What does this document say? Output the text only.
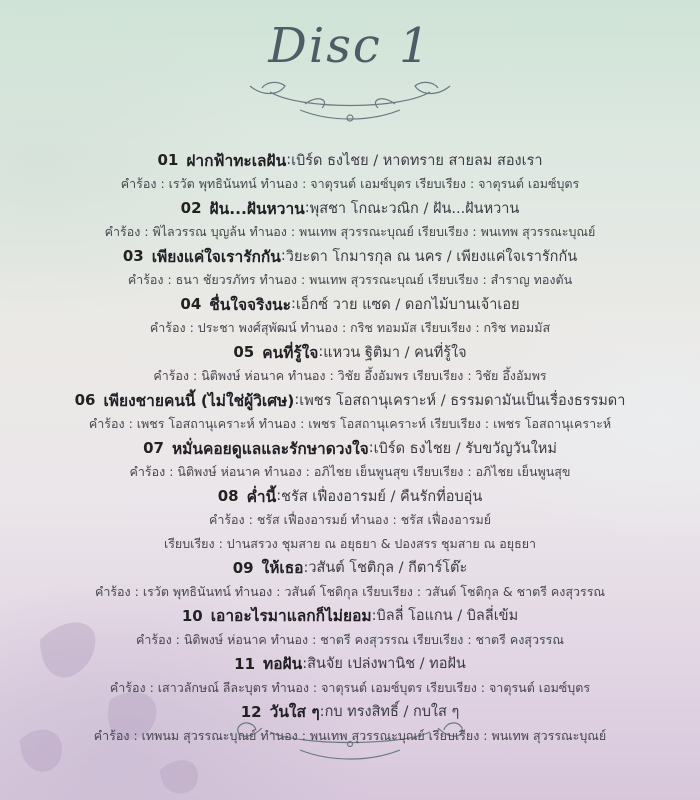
Disc 1
01 ฝากฟ้าทะเลฝัน : เบิร์ด ธงไชย / หาดทราย สายลม สองเรา
คำร้อง : เรวัต พุทธินันทน์ ทำนอง : จาตุรนต์ เอมซ์บุตร เรียบเรียง : จาตุรนต์ เอมซ์บุตร
02 ฝัน...ฝันหวาน : พุสชา โกณะวณิก / ฝัน...ฝันหวาน
คำร้อง : พิไลวรรณ บุญล้น ทำนอง : พนเทพ สุวรรณะบุณย์ เรียบเรียง : พนเทพ สุวรรณะบุณย์
03 เพียงแค่ใจเรารักกัน : วิยะดา โกมารกุล ณ นคร / เพียงแค่ใจเรารักกัน
คำร้อง : ธนา ชัยวรภัทร ทำนอง : พนเทพ สุวรรณะบุณย์ เรียบเรียง : สำราญ ทองตัน
04 ชื่นใจจริงนะ : เอ็กซ์ วาย แซด / ดอกไม้บานเจ้าเอย
คำร้อง : ประชา พงศ์สุพัฒน์ ทำนอง : กริช ทอมมัส เรียบเรียง : กริช ทอมมัส
05 คนที่รู้ใจ : แหวน ฐิติมา / คนที่รู้ใจ
คำร้อง : นิติพงษ์ ห่อนาค ทำนอง : วิชัย อึ้งอัมพร เรียบเรียง : วิชัย อึ้งอัมพร
06 เพียงชายคนนี้ (ไม่ใช่ผู้วิเศษ) : เพชร โอสถานุเคราะห์ / ธรรมดามันเป็นเรื่องธรรมดา
คำร้อง : เพชร โอสถานุเคราะห์ ทำนอง : เพชร โอสถานุเคราะห์ เรียบเรียง : เพชร โอสถานุเคราะห์
07 หมั่นคอยดูแลและรักษาดวงใจ : เบิร์ด ธงไชย / รับขวัญวันใหม่
คำร้อง : นิติพงษ์ ห่อนาค ทำนอง : อภิไชย เย็นพูนสุข เรียบเรียง : อภิไชย เย็นพูนสุข
08 ค่ำนี้ : ชรัส เฟื่องอารมย์ / คืนรักที่อบอุ่น
คำร้อง : ชรัส เฟื่องอารมย์ ทำนอง : ชรัส เฟื่องอารมย์
เรียบเรียง : ปานสรวง ชุมสาย ณ อยุธยา & ปองสรร ชุมสาย ณ อยุธยา
09 ให้เธอ : วสันต์ โชติกุล / กีตาร์โต๊ะ
คำร้อง : เรวัต พุทธินันทน์ ทำนอง : วสันต์ โชติกุล เรียบเรียง : วสันต์ โชติกุล & ชาตรี คงสุวรรณ
10 เอาอะไรมาแลกก็ไม่ยอม : บิลลี่ โอแกน / บิลลี่เข้ม
คำร้อง : นิติพงษ์ ห่อนาค ทำนอง : ชาตรี คงสุวรรณ เรียบเรียง : ชาตรี คงสุวรรณ
11 ทอฝัน : สินจัย เปล่งพานิช / ทอฝัน
คำร้อง : เสาวลักษณ์ ลีละบุตร ทำนอง : จาตุรนต์ เอมซ์บุตร เรียบเรียง : จาตุรนต์ เอมซ์บุตร
12 วันใส ๆ : กบ ทรงสิทธิ์ / กบใส ๆ
คำร้อง : เทพนม สุวรรณะบุณย์ ทำนอง : พนเทพ สุวรรณะบุณย์ เรียบเรียง : พนเทพ สุวรรณะบุณย์
